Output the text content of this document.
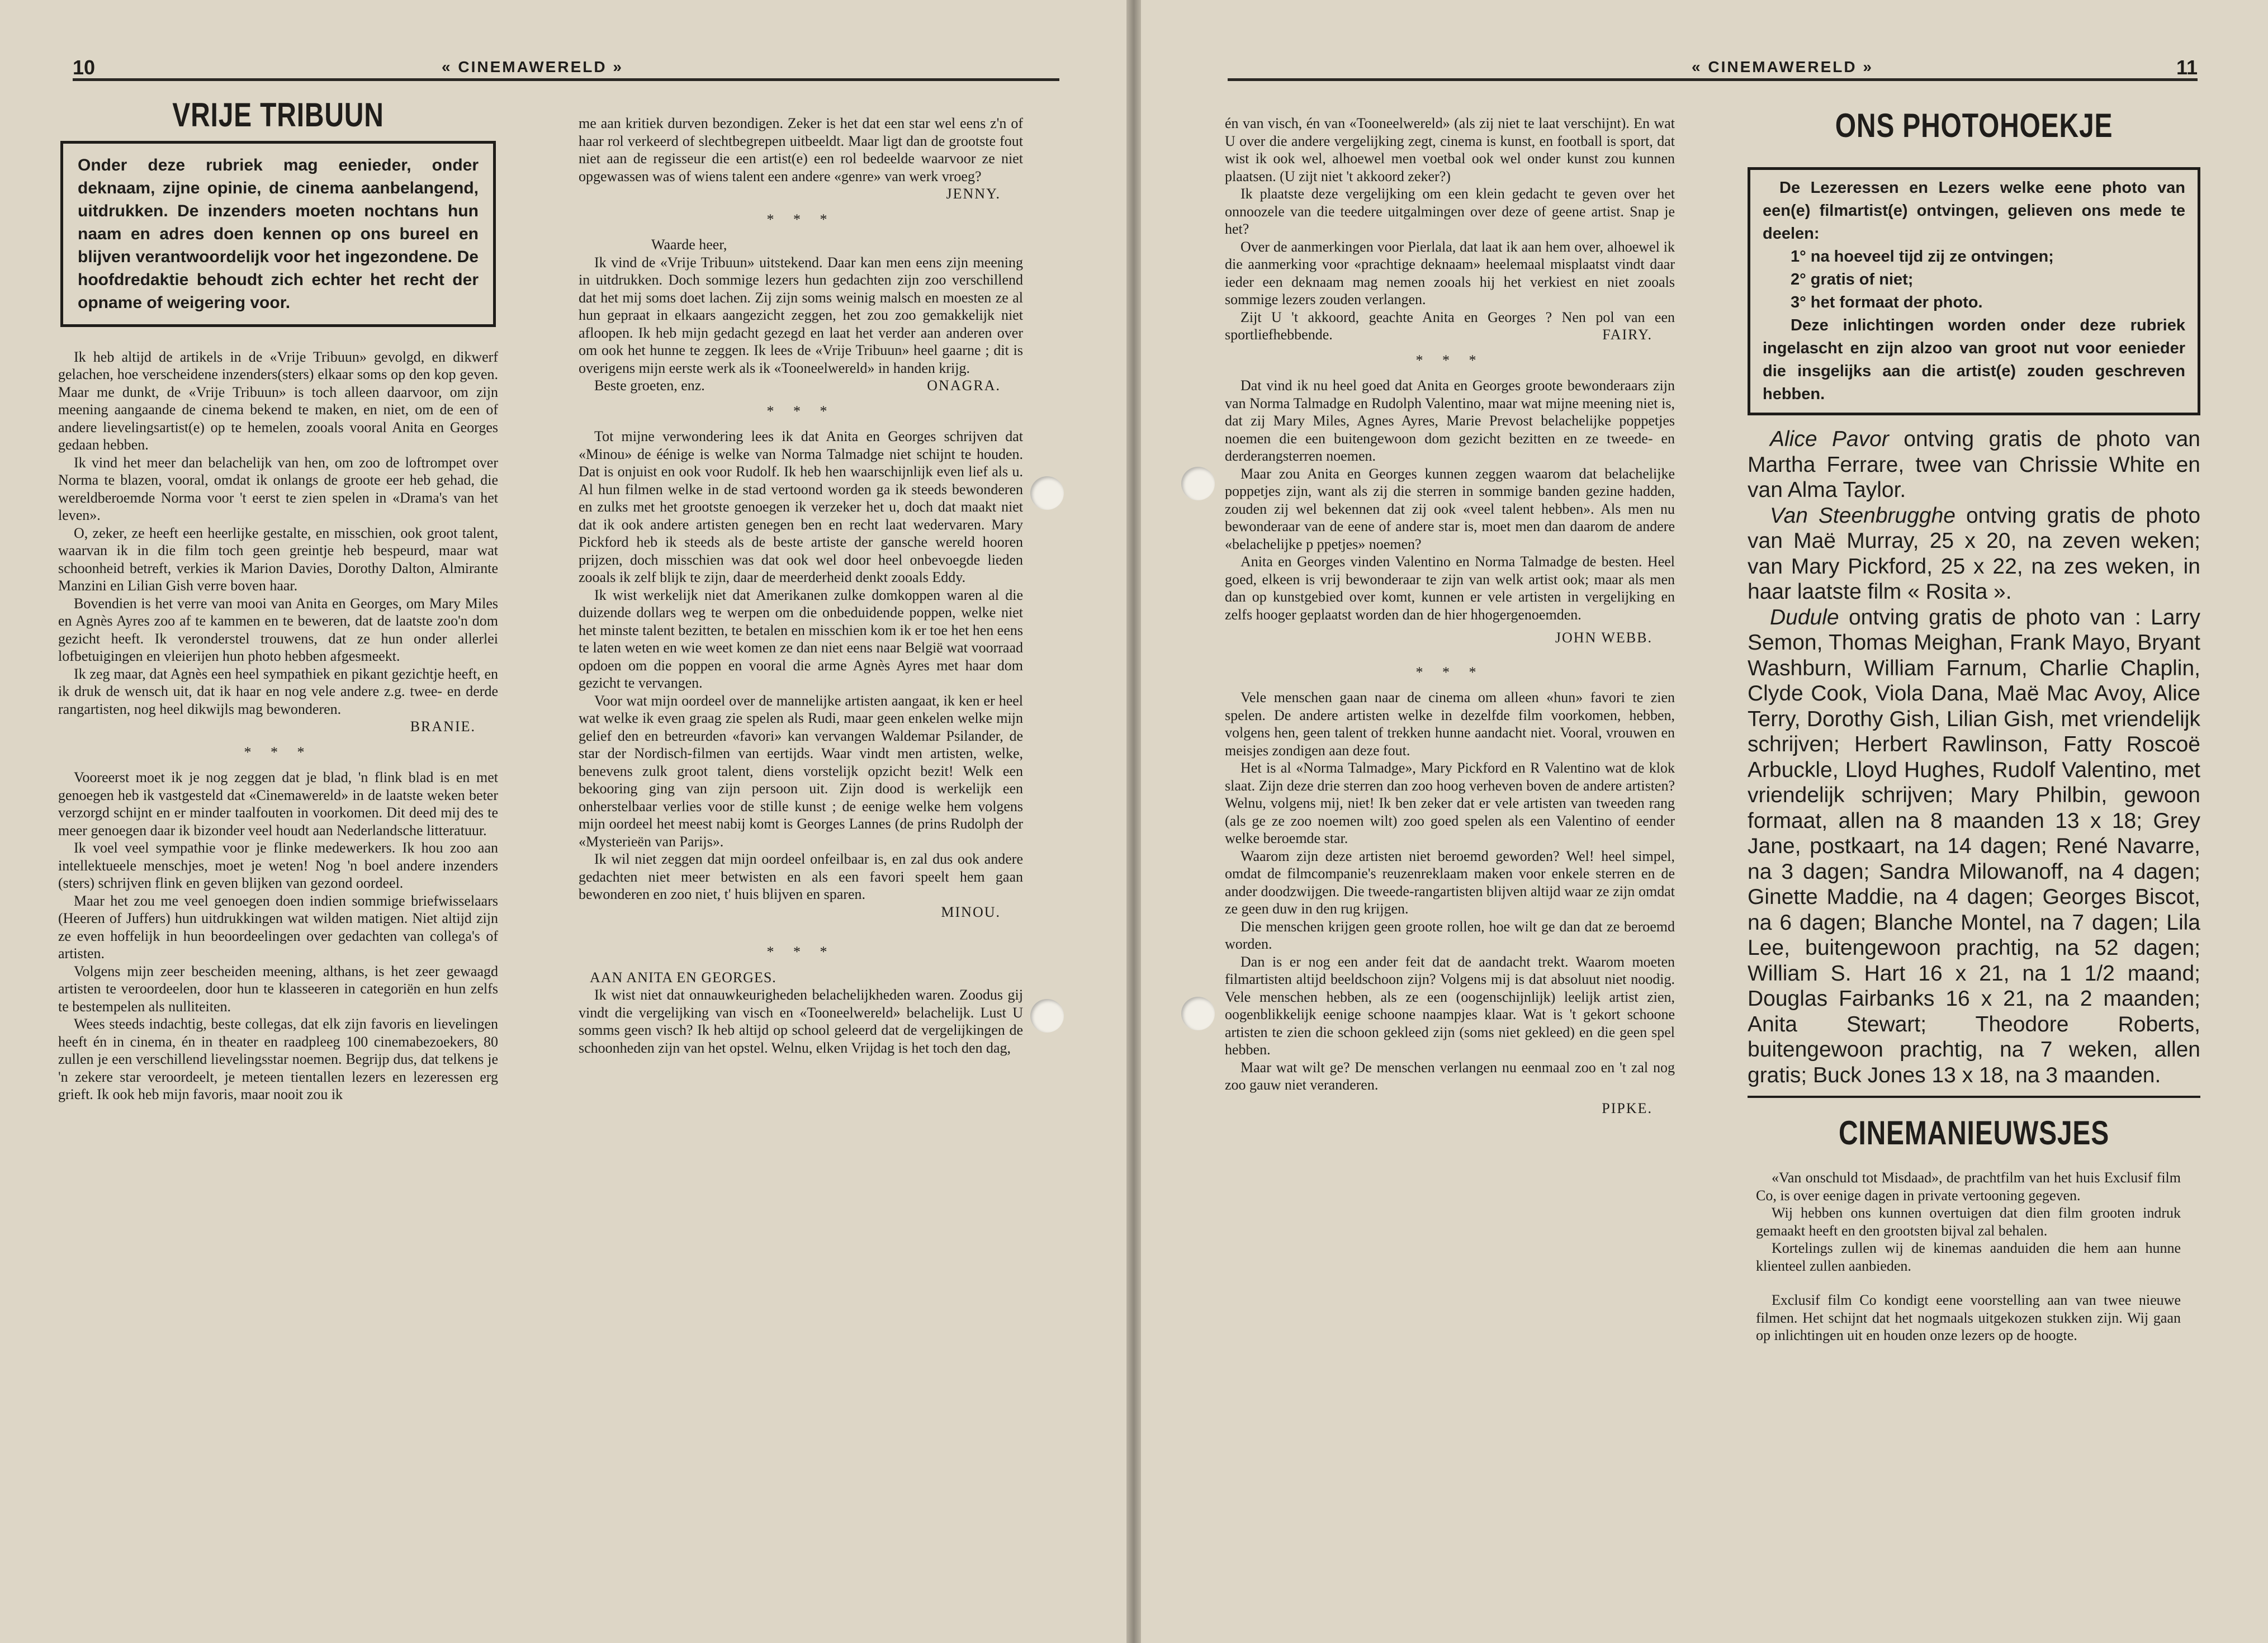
10	« CINEMAWERELD »
VRIJE TRIBUUN
Onder deze rubriek mag eenieder, onder deknaam, zijne opinie, de cinema aanbelangend, uitdrukken. De inzenders moeten nochtans hun naam en adres doen kennen op ons bureel en blijven verantwoordelijk voor het ingezondene. De hoofdredaktie behoudt zich echter het recht der opname of weigering voor.

Ik heb altijd de artikels in de «Vrije Tribuun» gevolgd, en dikwerf gelachen, hoe verscheidene inzenders(sters) elkaar soms op den kop geven. Maar me dunkt, de «Vrije Tribuun» is toch alleen daarvoor, om zijn meening aangaande de cinema bekend te maken, en niet, om de een of andere lievelingsartist(e) op te hemelen, zooals vooral Anita en Georges gedaan hebben.

Ik vind het meer dan belachelijk van hen, om zoo de loftrompet over Norma te blazen, vooral, omdat ik onlangs de groote eer heb gehad, die wereldberoemde Norma voor 't eerst te zien spelen in «Drama's van het leven».

O, zeker, ze heeft een heerlijke gestalte, en misschien, ook groot talent, waarvan ik in die film toch geen greintje heb bespeurd, maar wat schoonheid betreft, verkies ik Marion Davies, Dorothy Dalton, Almirante Manzini en Lilian Gish verre boven haar.

Bovendien is het verre van mooi van Anita en Georges, om Mary Miles en Agnès Ayres zoo af te kammen en te beweren, dat de laatste zoo'n dom gezicht heeft. Ik veronderstel trouwens, dat ze hun onder allerlei lofbetuigingen en vleierijen hun photo hebben afgesmeekt.

Ik zeg maar, dat Agnès een heel sympathiek en pikant gezichtje heeft, en ik druk de wensch uit, dat ik haar en nog vele andere z.g. twee- en derde rangartisten, nog heel dikwijls mag bewonderen.

BRANIE.
* * *

Vooreerst moet ik je nog zeggen dat je blad, 'n flink blad is en met genoegen heb ik vastgesteld dat «Cinemawereld» in de laatste weken beter verzorgd schijnt en er minder taalfouten in voorkomen. Dit deed mij des te meer genoegen daar ik bizonder veel houdt aan Nederlandsche litteratuur.

Ik voel veel sympathie voor je flinke medewerkers. Ik hou zoo aan intellektueele menschjes, moet je weten! Nog 'n boel andere inzenders (sters) schrijven flink en geven blijken van gezond oordeel.

Maar het zou me veel genoegen doen indien sommige briefwisselaars (Heeren of Juffers) hun uitdrukkingen wat wilden matigen. Niet altijd zijn ze even hoffelijk in hun beoordeelingen over gedachten van collega's of artisten.

Volgens mijn zeer bescheiden meening, althans, is het zeer gewaagd artisten te veroordeelen, door hun te klasseeren in categoriën en hun zelfs te bestempelen als nulliteiten.

Wees steeds indachtig, beste collegas, dat elk zijn favoris en lievelingen heeft én in cinema, én in theater en raadpleeg 100 cinemabezoekers, 80 zullen je een verschillend lievelingsstar noemen. Begrijp dus, dat telkens je 'n zekere star veroordeelt, je meteen tientallen lezers en lezeressen erg grieft. Ik ook heb mijn favoris, maar nooit zou ik

me aan kritiek durven bezondigen. Zeker is het dat een star wel eens z'n of haar rol verkeerd of slechtbegrepen uitbeeldt. Maar ligt dan de grootste fout niet aan de regisseur die een artist(e) een rol bedeelde waarvoor ze niet opgewassen was of wiens talent een andere «genre» van werk vroeg?

JENNY.
* * *

Waarde heer,

Ik vind de «Vrije Tribuun» uitstekend. Daar kan men eens zijn meening in uitdrukken. Doch sommige lezers hun gedachten zijn zoo verschillend dat het mij soms doet lachen. Zij zijn soms weinig malsch en moesten ze al hun gepraat in elkaars aangezicht zeggen, het zou zoo gemakkelijk niet afloopen. Ik heb mijn gedacht gezegd en laat het verder aan anderen over om ook het hunne te zeggen. Ik lees de «Vrije Tribuun» heel gaarne ; dit is overigens mijn eerste werk als ik «Tooneelwereld» in handen krijg.

Beste groeten, enz.	ONAGRA.

* * *

Tot mijne verwondering lees ik dat Anita en Georges schrijven dat «Minou» de éénige is welke van Norma Talmadge niet schijnt te houden. Dat is onjuist en ook voor Rudolf. Ik heb hen waarschijnlijk even lief als u. Al hun filmen welke in de stad vertoond worden ga ik steeds bewonderen en zulks met het grootste genoegen ik verzeker het u, doch dat maakt niet dat ik ook andere artisten genegen ben en recht laat wedervaren. Mary Pickford heb ik steeds als de beste artiste der gansche wereld hooren prijzen, doch misschien was dat ook wel door heel onbevoegde lieden zooals ik zelf blijk te zijn, daar de meerderheid denkt zooals Eddy.

Ik wist werkelijk niet dat Amerikanen zulke domkoppen waren al die duizende dollars weg te werpen om die onbeduidende poppen, welke niet het minste talent bezitten, te betalen en misschien kom ik er toe het hen eens te laten weten en wie weet komen ze dan niet eens naar België wat voorraad opdoen om die poppen en vooral die arme Agnès Ayres met haar dom gezicht te vervangen.

Voor wat mijn oordeel over de mannelijke artisten aangaat, ik ken er heel wat welke ik even graag zie spelen als Rudi, maar geen enkelen welke mijn gelief den en betreurden «favori» kan vervangen Waldemar Psilander, de star der Nordisch-filmen van eertijds. Waar vindt men artisten, welke, benevens zulk groot talent, diens vorstelijk opzicht bezit! Welk een bekooring ging van zijn persoon uit. Zijn dood is werkelijk een onherstelbaar verlies voor de stille kunst ; de eenige welke hem volgens mijn oordeel het meest nabij komt is Georges Lannes (de prins Rudolph der «Mysterieën van Parijs».

Ik wil niet zeggen dat mijn oordeel onfeilbaar is, en zal dus ook andere gedachten niet meer betwisten en als een favori speelt hem gaan bewonderen en zoo niet, t' huis blijven en sparen.

MINOU.
* * *

AAN ANITA EN GEORGES.

Ik wist niet dat onnauwkeurigheden belachelijkheden waren. Zoodus gij vindt die vergelijking van visch en «Tooneelwereld» belachelijk. Lust U somms geen visch? Ik heb altijd op school geleerd dat de vergelijkingen de schoonheden zijn van het opstel. Welnu, elken Vrijdag is het toch den dag,

« CINEMAWERELD »	11

én van visch, én van «Tooneelwereld» (als zij niet te laat verschijnt). En wat U over die andere vergelijking zegt, cinema is kunst, en football is sport, dat wist ik ook wel, alhoewel men voetbal ook wel onder kunst zou kunnen plaatsen. (U zijt niet 't akkoord zeker?)

Ik plaatste deze vergelijking om een klein gedacht te geven over het onnoozele van die teedere uitgalmingen over deze of geene artist. Snap je het?

Over de aanmerkingen voor Pierlala, dat laat ik aan hem over, alhoewel ik die aanmerking voor «prachtige deknaam» heelemaal misplaatst vindt daar ieder een deknaam mag nemen zooals hij het verkiest en niet zooals sommige lezers zouden verlangen.

Zijt U 't akkoord, geachte Anita en Georges ? Nen pol van een sportliefhebbende.	FAIRY.

* * *

Dat vind ik nu heel goed dat Anita en Georges groote bewonderaars zijn van Norma Talmadge en Rudolph Valentino, maar wat mijne meening niet is, dat zij Mary Miles, Agnes Ayres, Marie Prevost belachelijke poppetjes noemen die een buitengewoon dom gezicht bezitten en ze tweede- en derderangsterren noemen.

Maar zou Anita en Georges kunnen zeggen waarom dat belachelijke poppetjes zijn, want als zij die sterren in sommige banden gezine hadden, zouden zij wel bekennen dat zij ook «veel talent hebben». Als men nu bewonderaar van de eene of andere star is, moet men dan daarom de andere «belachelijke p ppetjes» noemen?

Anita en Georges vinden Valentino en Norma Talmadge de besten. Heel goed, elkeen is vrij bewonderaar te zijn van welk artist ook; maar als men dan op kunstgebied over komt, kunnen er vele artisten in vergelijking en zelfs hooger geplaatst worden dan de hier hhogergenoemden.

JOHN WEBB.
* * *

Vele menschen gaan naar de cinema om alleen «hun» favori te zien spelen. De andere artisten welke in dezelfde film voorkomen, hebben, volgens hen, geen talent of trekken hunne aandacht niet. Vooral, vrouwen en meisjes zondigen aan deze fout.

Het is al «Norma Talmadge», Mary Pickford en R Valentino wat de klok slaat. Zijn deze drie sterren dan zoo hoog verheven boven de andere artisten? Welnu, volgens mij, niet! Ik ben zeker dat er vele artisten van tweeden rang (als ge ze zoo noemen wilt) zoo goed spelen als een Valentino of eender welke beroemde star.

Waarom zijn deze artisten niet beroemd geworden? Wel! heel simpel, omdat de filmcompanie's reuzenreklaam maken voor enkele sterren en de ander doodzwijgen. Die tweede-rangartisten blijven altijd waar ze zijn omdat ze geen duw in den rug krijgen.

Die menschen krijgen geen groote rollen, hoe wilt ge dan dat ze beroemd worden.

Dan is er nog een ander feit dat de aandacht trekt. Waarom moeten filmartisten altijd beeldschoon zijn? Volgens mij is dat absoluut niet noodig. Vele menschen hebben, als ze een (oogenschijnlijk) leelijk artist zien, oogenblikkelijk eenige schoone naampjes klaar. Wat is 't gekort schoone artisten te zien die schoon gekleed zijn (soms niet gekleed) en die geen spel hebben.

Maar wat wilt ge? De menschen verlangen nu eenmaal zoo en 't zal nog zoo gauw niet veranderen.

PIPKE.
ONS PHOTOHOEKJE
De Lezeressen en Lezers welke eene photo van een(e) filmartist(e) ontvingen, gelieven ons mede te deelen:
1° na hoeveel tijd zij ze ontvingen;
2° gratis of niet;
3° het formaat der photo.
Deze inlichtingen worden onder deze rubriek ingelascht en zijn alzoo van groot nut voor eenieder die insgelijks aan die artist(e) zouden geschreven hebben.

Alice Pavor ontving gratis de photo van Martha Ferrare, twee van Chrissie White en van Alma Taylor.

Van Steenbrugghe ontving gratis de photo van Maë Murray, 25 x 20, na zeven weken; van Mary Pickford, 25 x 22, na zes weken, in haar laatste film « Rosita ».

Dudule ontving gratis de photo van : Larry Semon, Thomas Meighan, Frank Mayo, Bryant Washburn, William Farnum, Charlie Chaplin, Clyde Cook, Viola Dana, Maë Mac Avoy, Alice Terry, Dorothy Gish, Lilian Gish, met vriendelijk schrijven; Herbert Rawlinson, Fatty Roscoë Arbuckle, Lloyd Hughes, Rudolf Valentino, met vriendelijk schrijven; Mary Philbin, gewoon formaat, allen na 8 maanden 13 x 18; Grey Jane, postkaart, na 14 dagen; René Navarre, na 3 dagen; Sandra Milowanoff, na 4 dagen; Ginette Maddie, na 4 dagen; Georges Biscot, na 6 dagen; Blanche Montel, na 7 dagen; Lila Lee, buitengewoon prachtig, na 52 dagen; William S. Hart 16 x 21, na 1 1/2 maand; Douglas Fairbanks 16 x 21, na 2 maanden; Anita Stewart; Theodore Roberts, buitengewoon prachtig, na 7 weken, allen gratis; Buck Jones 13 x 18, na 3 maanden.

CINEMANIEUWSJES

«Van onschuld tot Misdaad», de prachtfilm van het huis Exclusif film Co, is over eenige dagen in private vertooning gegeven.

Wij hebben ons kunnen overtuigen dat dien film grooten indruk gemaakt heeft en den grootsten bijval zal behalen.

Kortelings zullen wij de kinemas aanduiden die hem aan hunne klienteel zullen aanbieden.

Exclusif film Co kondigt eene voorstelling aan van twee nieuwe filmen. Het schijnt dat het nogmaals uitgekozen stukken zijn. Wij gaan op inlichtingen uit en houden onze lezers op de hoogte.
